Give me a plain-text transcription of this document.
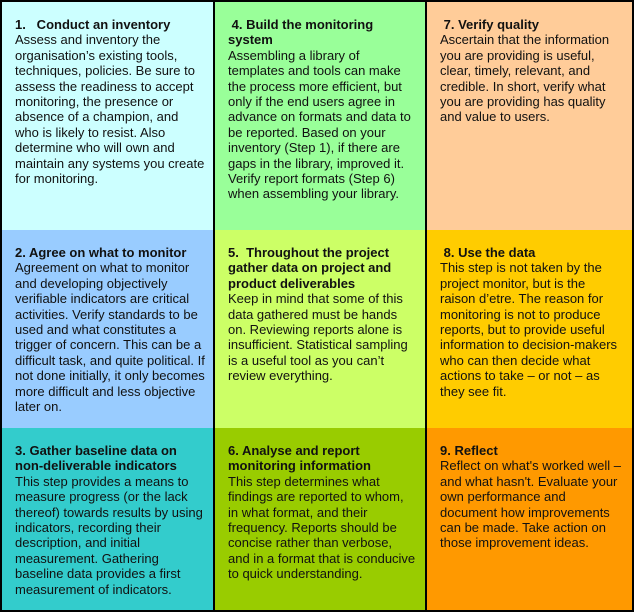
1.   Conduct an inventory
Assess and inventory the organisation’s existing tools, techniques, policies. Be sure to assess the readiness to accept monitoring, the presence or absence of a champion, and who is likely to resist. Also determine who will own and maintain any systems you create for monitoring.
4. Build the monitoring system
Assembling a library of templates and tools can make the process more efficient, but only if the end users agree in advance on formats and data to be reported. Based on your inventory (Step 1), if there are gaps in the library, improved it. Verify report formats (Step 6) when assembling your library.
7. Verify quality
Ascertain that the information you are providing is useful, clear, timely, relevant, and credible. In short, verify what you are providing has quality and value to users.
2. Agree on what to monitor
Agreement on what to monitor and developing objectively verifiable indicators are critical activities. Verify standards to be used and what constitutes a trigger of concern. This can be a difficult task, and quite political. If not done initially, it only becomes more difficult and less objective later on.
5.  Throughout the project gather data on project and product deliverables
Keep in mind that some of this data gathered must be hands on. Reviewing reports alone is insufficient. Statistical sampling is a useful tool as you can’t review everything.
8. Use the data
This step is not taken by the project monitor, but is the raison d’etre. The reason for monitoring is not to produce reports, but to provide useful information to decision-makers who can then decide what actions to take – or not – as they see fit.
3. Gather baseline data on non-deliverable indicators
This step provides a means to measure progress (or the lack thereof) towards results by using indicators, recording their description, and initial measurement. Gathering baseline data provides a first measurement of indicators.
6. Analyse and report monitoring information
This step determines what findings are reported to whom, in what format, and their frequency. Reports should be concise rather than verbose, and in a format that is conducive to quick understanding.
9. Reflect
Reflect on what's worked well – and what hasn't. Evaluate your own performance and document how improvements can be made. Take action on those improvement ideas.
